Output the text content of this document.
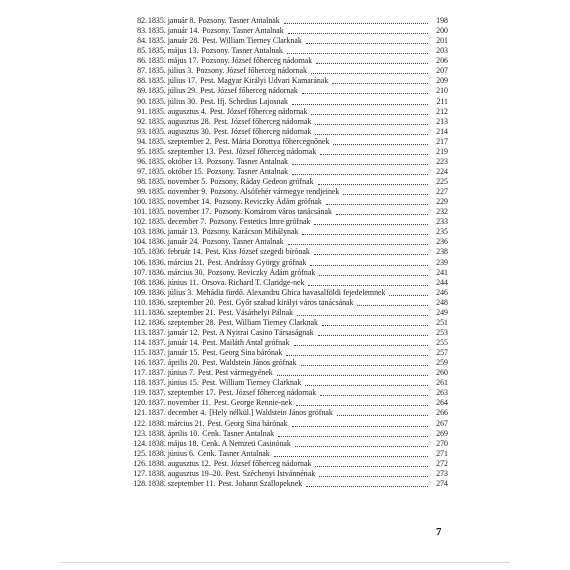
82. 1835. január 8. Pozsony. Tasner Antalnak	198
83. 1835. január 14. Pozsony. Tasner Antalnak	200
84. 1835. január 28. Pest. William Tierney Clarknak	201
85. 1835. május 13. Pozsony. Tasner Antalnak	203
86. 1835. május 17. Pozsony. József főherceg nádornak	206
87. 1835. július 3. Pozsony. József főherceg nádornak	207
88. 1835. július 17. Pest. Magyar Királyi Udvari Kamarának	209
89. 1835. július 29. Pest. József főherceg nádornak	210
90. 1835. július 30. Pest. Ifj. Schedius Lajosnak	211
91. 1835. augusztus 4. Pest. József főherceg nádornak	212
92. 1835. augusztus 28. Pest. József főherceg nádornak	213
93. 1835. augusztus 30. Pest. József főherceg nádornak	214
94. 1835. szeptember 2. Pest. Mária Dorottya főhercegnőnek	217
95. 1835. szeptember 13. Pest. József főherceg nádornak	219
96. 1835. október 13. Pozsony. Tasner Antalnak	223
97. 1835. október 15. Pozsony. Tasner Antalnak	224
98. 1835. november 5. Pozsony. Ráday Gedeon grófnak	225
99. 1835. november 9. Pozsony. Alsófehér vármegye rendjeinek	227
100. 1835. november 14. Pozsony. Reviczky Ádám grófnak	229
101. 1835. november 17. Pozsony. Komárom város tanácsának	232
102. 1835. december 7. Pozsony. Festetics Imre grófnak	233
103. 1836. január 13. Pozsony. Karácson Mihálynak	235
104. 1836. január 24. Pozsony. Tasner Antalnak	236
105. 1836. február 14. Pest. Kiss József szegedi bírónak	238
106. 1836. március 21. Pest. Andrássy György grófnak	239
107. 1836. március 30. Pozsony. Reviczky Ádám grófnak	241
108. 1836. június 11. Orsova. Richard T. Claridge-nek	244
109. 1836. július 3. Mehádia fürdő. Alexandru Ghica havasalföldi fejedelemnek	246
110. 1836. szeptember 20. Pest. Győr szabad királyi város tanácsának	248
111. 1836. szeptember 21. Pest. Vásárhelyi Pálnak	249
112. 1836. szeptember 28. Pest. William Tierney Clarknak	251
113. 1837. január 12. Pest. A Nyitrai Casino Társaságnak	253
114. 1837. január 14. Pest. Mailáth Antal grófnak	255
115. 1837. január 15. Pest. Georg Sina bárónak	257
116. 1837. április 20. Pest. Waldstein János grófnak	259
117. 1837. június 7. Pest. Pest vármegyének	260
118. 1837. június 15. Pest. William Tierney Clarknak	261
119. 1837. szeptember 17. Pest. József főherceg nádornak	263
120. 1837. november 11. Pest. George Rennie-nek	264
121. 1837. december 4. [Hely nélkül.] Waldstein János grófnak	266
122. 1838. március 21. Pest. Georg Sina bárónak	267
123. 1838. április 10. Cenk. Tasner Antalnak	269
124. 1838. május 18. Cenk. A Nemzeti Casinónak	270
125. 1838. június 6. Cenk. Tasner Antalnak	271
126. 1838. augusztus 12. Pest. József főherceg nádornak	272
127. 1838. augusztus 19–20. Pest. Széchenyi Istvánnénak	273
128. 1838. szeptember 11. Pest. Johann Szallopeknek	274
7
